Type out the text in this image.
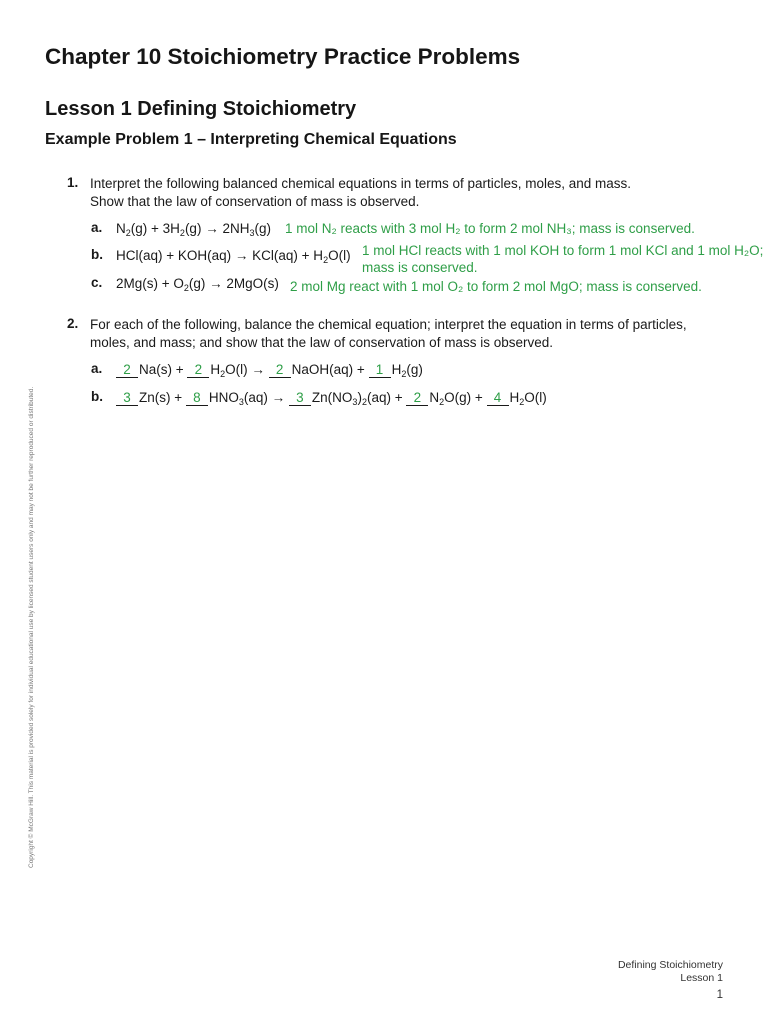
Chapter 10 Stoichiometry Practice Problems
Lesson 1 Defining Stoichiometry
Example Problem 1 – Interpreting Chemical Equations
1. Interpret the following balanced chemical equations in terms of particles, moles, and mass.
Show that the law of conservation of mass is observed.
a. $N_2(g) + 3H_2(g) \to 2NH_3(g)$ 1 mol N₂ reacts with 3 mol H₂ to form 2 mol NH₃; mass is conserved.
b. $HCl(aq) + KOH(aq) \to KCl(aq) + H_2O(l)$ 1 mol HCl reacts with 1 mol KOH to form 1 mol KCl and 1 mol H₂O;
mass is conserved.
c. $2Mg(s) + O_2(g) \to 2MgO(s)$ 2 mol Mg react with 1 mol O₂ to form 2 mol MgO; mass is conserved.
2. For each of the following, balance the chemical equation; interpret the equation in terms of particles,
moles, and mass; and show that the law of conservation of mass is observed.
a.	2 Na(s) + 2 $H_2O(l) \to 2$ NaOH(aq) + 1 $H_2(g)$
b.	3 Zn(s) + 8 $HNO_3(aq) \to 3$ $Zn(NO_3)_2(aq) + 2$ $N_2O(g) + 4$ $H_2O(l)$
Copyright © McGraw Hill. This material is provided solely for individual educational use by licensed student users only and may not be further reproduced or distributed.
Defining Stoichiometry
Lesson 1
1
